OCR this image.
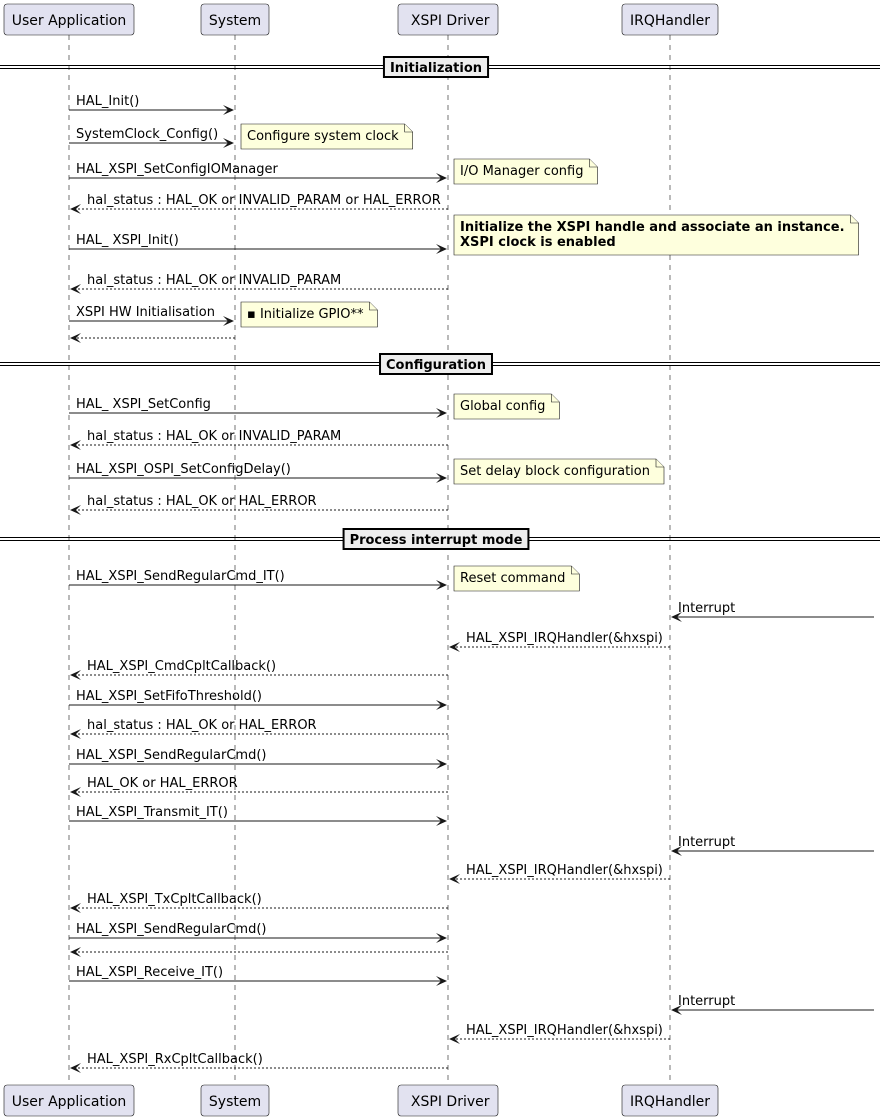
User Application	System	XSPI Driver	IRQHandler
User Application	System	XSPI Driver	IRQHandler
Initialization
HAL_Init()
SystemClock_Config() Configure system clock
HAL_XSPI_SetConfigIOManager	I/O Manager config
hal_status : HAL_OK or INVALID_PARAM or HAL_ERROR
HAL_ XSPI_Init()
Initialize the XSPI handle and associate an instance.
XSPI clock is enabled
hal_status : HAL_OK or INVALID_PARAM
XSPI HW Initialisation ▪ Initialize GPIO**
Configuration
HAL_ XSPI_SetConfig	Global config
hal_status : HAL_OK or INVALID_PARAM
HAL_XSPI_OSPI_SetConfigDelay()	Set delay block configuration
hal_status : HAL_OK or HAL_ERROR
Process interrupt mode
HAL_XSPI_SendRegularCmd_IT()	Reset command
Interrupt
HAL_XSPI_IRQHandler(&hxspi)
HAL_XSPI_CmdCpltCallback()
HAL_XSPI_SetFifoThreshold()
hal_status : HAL_OK or HAL_ERROR
HAL_XSPI_SendRegularCmd()
HAL_OK or HAL_ERROR
HAL_XSPI_Transmit_IT()
Interrupt
HAL_XSPI_IRQHandler(&hxspi)
HAL_XSPI_TxCpltCallback()
HAL_XSPI_SendRegularCmd()
HAL_XSPI_Receive_IT()
Interrupt
HAL_XSPI_IRQHandler(&hxspi)
HAL_XSPI_RxCpltCallback()
